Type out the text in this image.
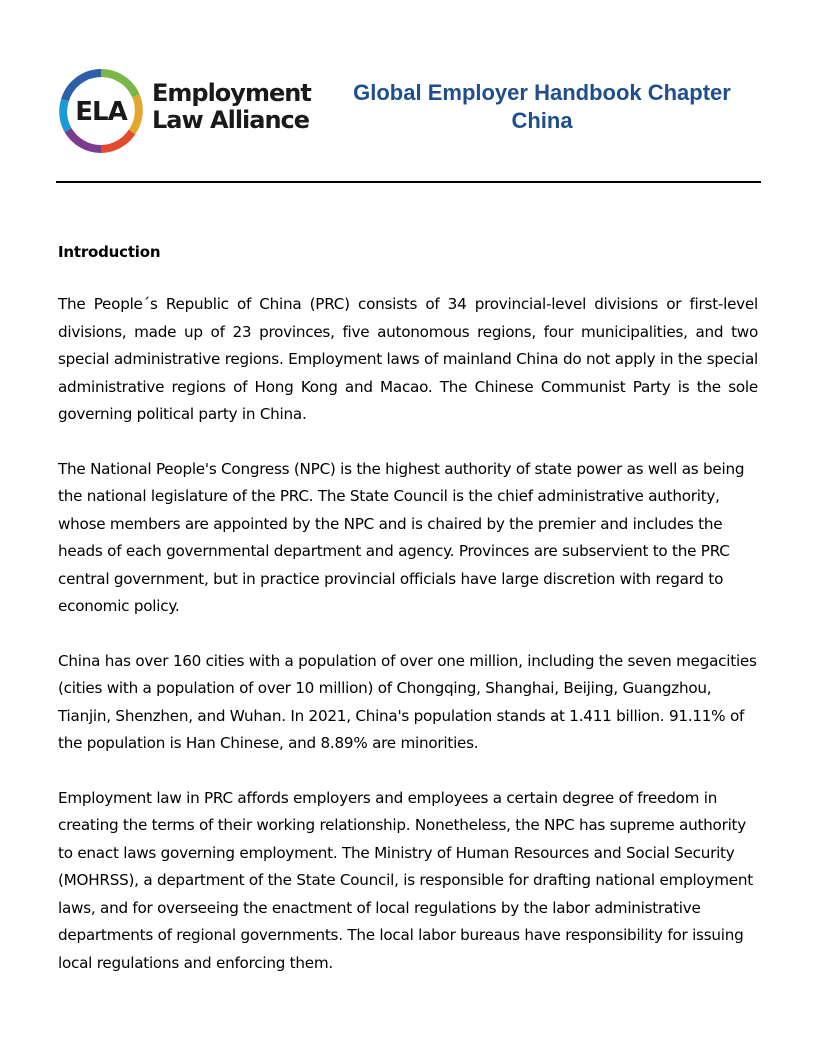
ELA
Employment
Law Alliance
Global Employer Handbook Chapter
China
Introduction

The People´s Republic of China (PRC) consists of 34 provincial-level divisions or first-level divisions, made up of 23 provinces, five autonomous regions, four municipalities, and two special administrative regions. Employment laws of mainland China do not apply in the special administrative regions of Hong Kong and Macao. The Chinese Communist Party is the sole governing political party in China.

The National People's Congress (NPC) is the highest authority of state power as well as being the national legislature of the PRC. The State Council is the chief administrative authority, whose members are appointed by the NPC and is chaired by the premier and includes the heads of each governmental department and agency. Provinces are subservient to the PRC central government, but in practice provincial officials have large discretion with regard to economic policy.

China has over 160 cities with a population of over one million, including the seven megacities (cities with a population of over 10 million) of Chongqing, Shanghai, Beijing, Guangzhou, Tianjin, Shenzhen, and Wuhan. In 2021, China's population stands at 1.411 billion. 91.11% of the population is Han Chinese, and 8.89% are minorities.

Employment law in PRC affords employers and employees a certain degree of freedom in creating the terms of their working relationship. Nonetheless, the NPC has supreme authority to enact laws governing employment. The Ministry of Human Resources and Social Security (MOHRSS), a department of the State Council, is responsible for drafting national employment laws, and for overseeing the enactment of local regulations by the labor administrative departments of regional governments. The local labor bureaus have responsibility for issuing local regulations and enforcing them.
